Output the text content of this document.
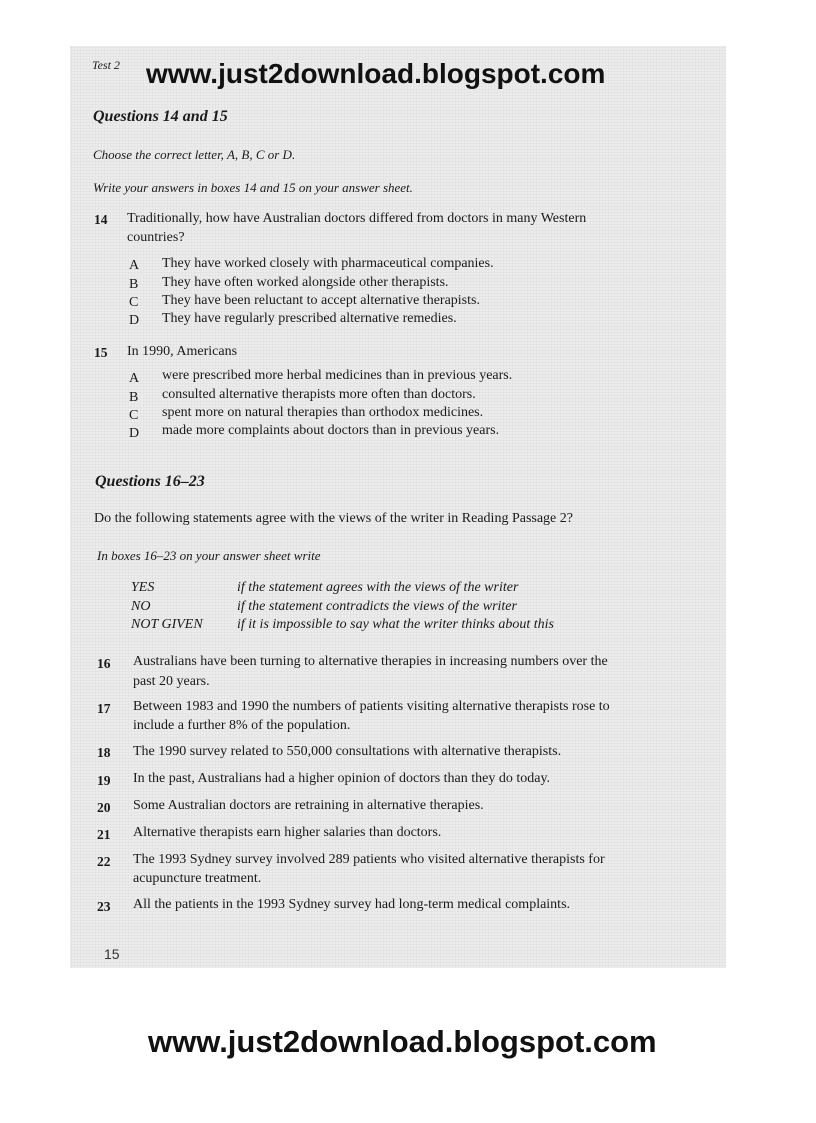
Test 2 www.just2download.blogspot.com
Questions 14 and 15
Choose the correct letter, A, B, C or D.
Write your answers in boxes 14 and 15 on your answer sheet.
14 Traditionally, how have Australian doctors differed from doctors in many Western
countries?
A They have worked closely with pharmaceutical companies.
B They have often worked alongside other therapists.
C They have been reluctant to accept alternative therapists.
D They have regularly prescribed alternative remedies.
15 In 1990, Americans
A were prescribed more herbal medicines than in previous years.
B consulted alternative therapists more often than doctors.
C spent more on natural therapies than orthodox medicines.
D made more complaints about doctors than in previous years.
Questions 16–23
Do the following statements agree with the views of the writer in Reading Passage 2?
In boxes 16–23 on your answer sheet write
YES	if the statement agrees with the views of the writer
NO	if the statement contradicts the views of the writer
NOT GIVEN if it is impossible to say what the writer thinks about this
16 Australians have been turning to alternative therapies in increasing numbers over the
past 20 years.
17 Between 1983 and 1990 the numbers of patients visiting alternative therapists rose to
include a further 8% of the population.
18 The 1990 survey related to 550,000 consultations with alternative therapists.
19 In the past, Australians had a higher opinion of doctors than they do today.
20 Some Australian doctors are retraining in alternative therapies.
21 Alternative therapists earn higher salaries than doctors.
22 The 1993 Sydney survey involved 289 patients who visited alternative therapists for
acupuncture treatment.
23 All the patients in the 1993 Sydney survey had long-term medical complaints.
15
www.just2download.blogspot.com
